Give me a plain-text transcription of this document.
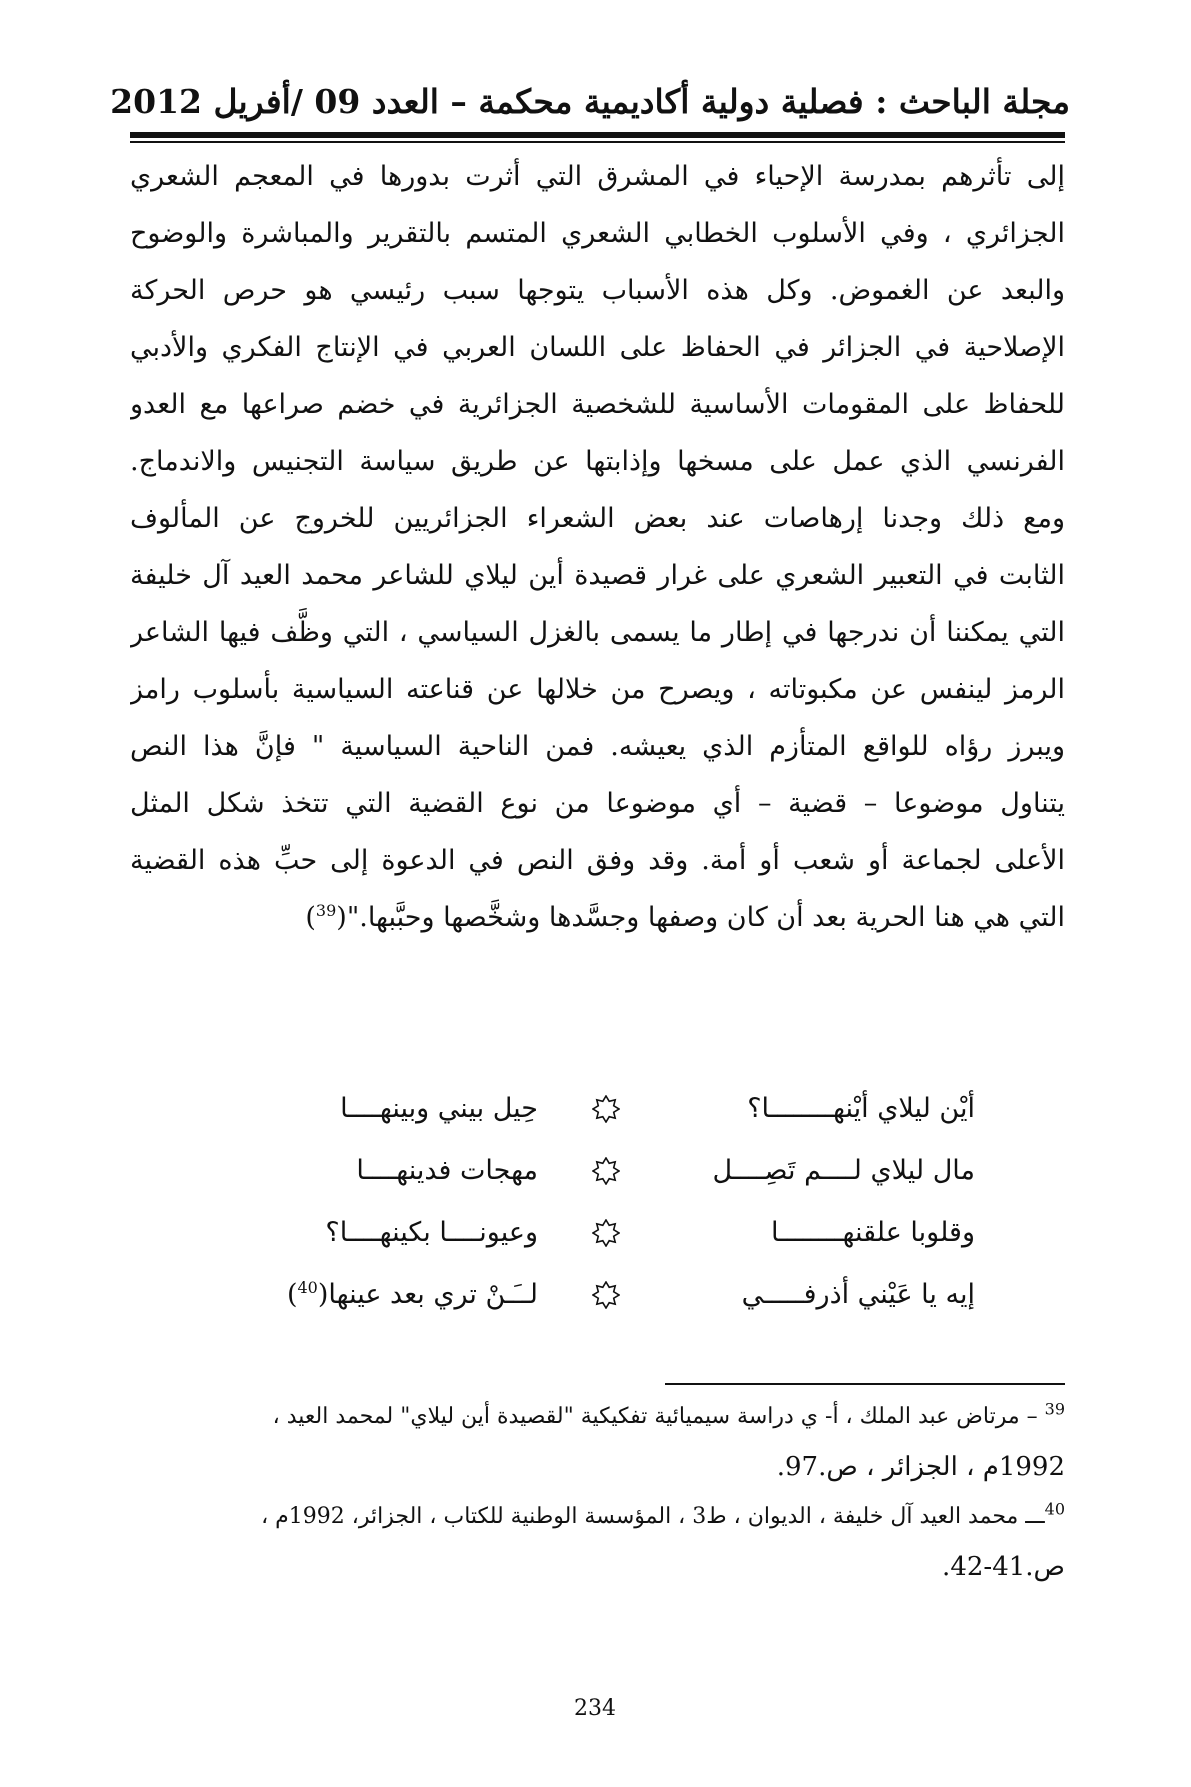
مجلة الباحث : فصلية دولية أكاديمية محكمة – العدد 09 /أفريل 2012
إلى تأثرهم بمدرسة الإحياء في المشرق التي أثرت بدورها في المعجم الشعري
الجزائري ، وفي الأسلوب الخطابي الشعري المتسم بالتقرير والمباشرة والوضوح
والبعد عن الغموض. وكل هذه الأسباب يتوجها سبب رئيسي هو حرص الحركة
الإصلاحية في الجزائر في الحفاظ على اللسان العربي في الإنتاج الفكري والأدبي
للحفاظ على المقومات الأساسية للشخصية الجزائرية في خضم صراعها مع العدو
الفرنسي الذي عمل على مسخها وإذابتها عن طريق سياسة التجنيس والاندماج.
ومع ذلك وجدنا إرهاصات عند بعض الشعراء الجزائريين للخروج عن المألوف
الثابت في التعبير الشعري على غرار قصيدة أين ليلاي للشاعر محمد العيد آل خليفة
التي يمكننا أن ندرجها في إطار ما يسمى بالغزل السياسي ، التي وظَّف فيها الشاعر
الرمز لينفس عن مكبوتاته ، ويصرح من خلالها عن قناعته السياسية بأسلوب رامز
ويبرز رؤاه للواقع المتأزم الذي يعيشه. فمن الناحية السياسية " فإنَّ هذا النص
يتناول موضوعا – قضية – أي موضوعا من نوع القضية التي تتخذ شكل المثل
الأعلى لجماعة أو شعب أو أمة. وقد وفق النص في الدعوة إلى حبِّ هذه القضية
التي هي هنا الحرية بعد أن كان وصفها وجسَّدها وشخَّصها وحبَّبها."($^{39}$)
أيْن ليلاي أيْنهــــــــا؟
حِيل بيني وبينهــــا
مال ليلاي لــــم تَصِــــل
مهجات فدينهــــا
وقلوبا علقنهــــــــا
وعيونــــا بكينهــــا؟
إيه يا عَيْني أذرفـــــي
لــَـنْ تري بعد عينها($^{40}$)
$^{39}$ – مرتاض عبد الملك ، أ- ي دراسة سيميائية تفكيكية "لقصيدة أين ليلاي" لمحمد العيد ،
1992م ، الجزائر ، ص.97.
$^{40}$ـــ محمد العيد آل خليفة ، الديوان ، ط3 ، المؤسسة الوطنية للكتاب ، الجزائر، 1992م ،
ص.41-42.
234
